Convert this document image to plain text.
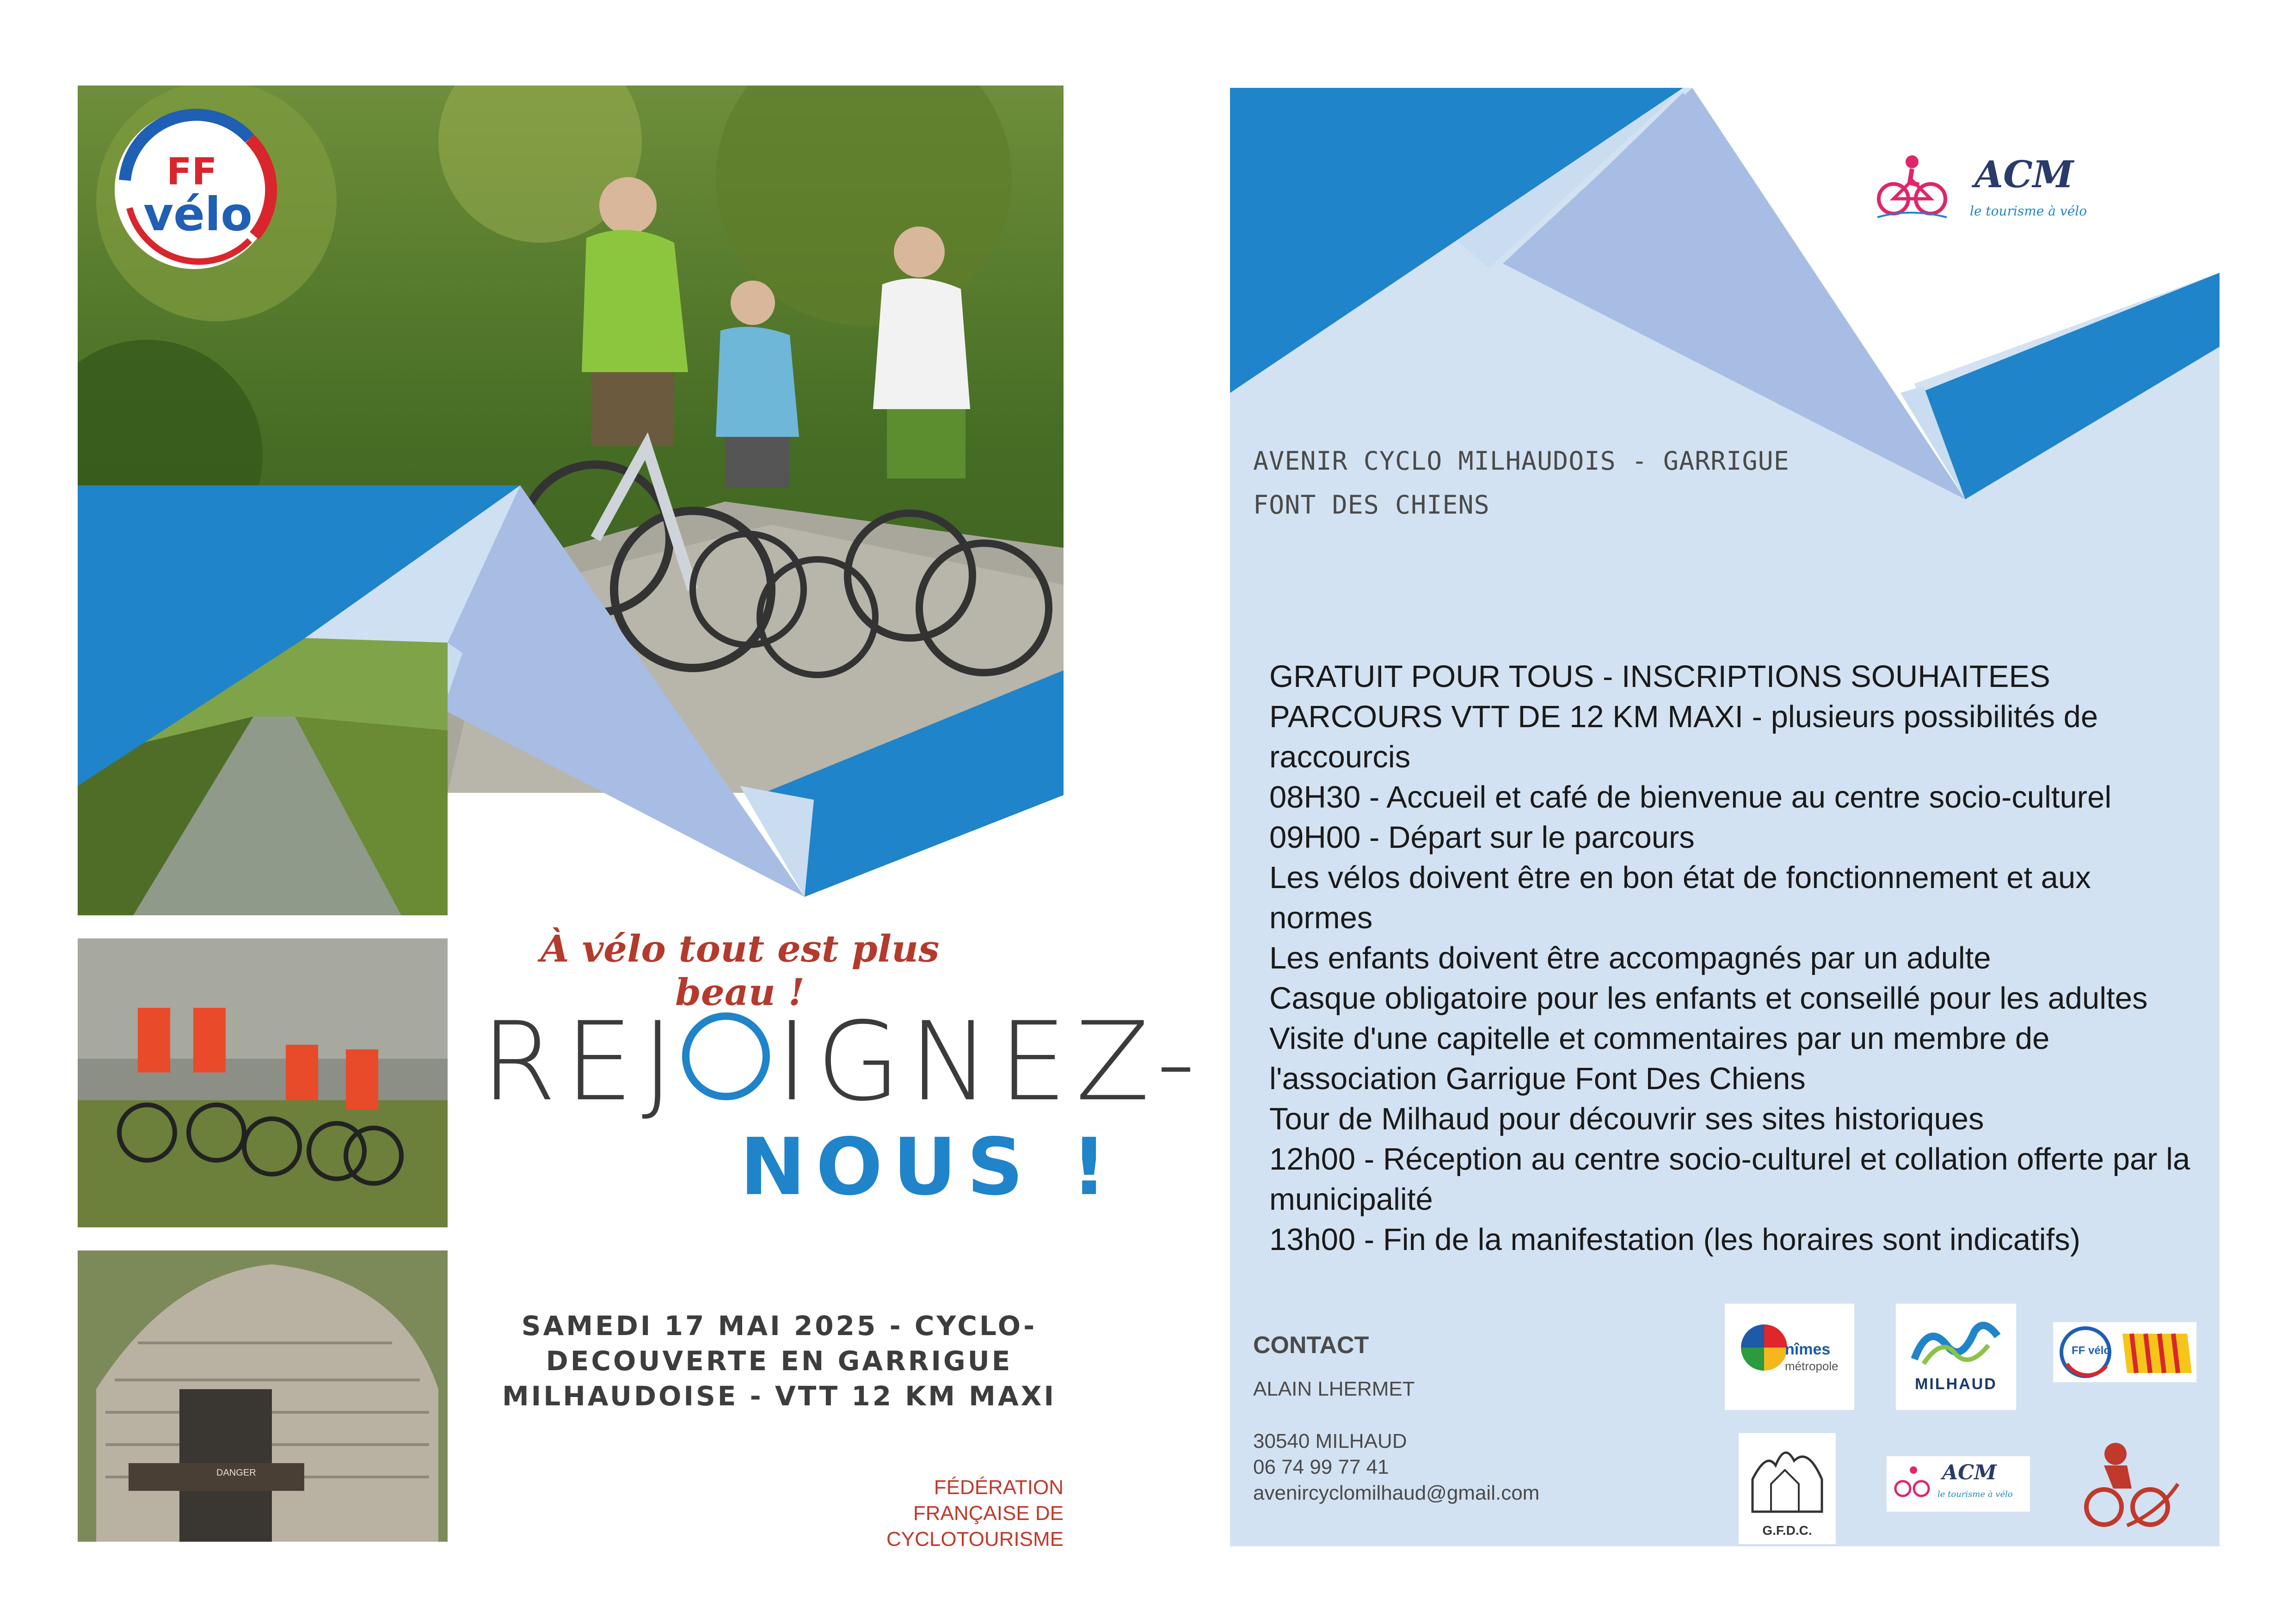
FF
vélo
DANGER
À vélo tout est plus beau !
REJ IGNEZ-
NOUS !
SAMEDI 17 MAI 2025 - CYCLO-
DECOUVERTE EN GARRIGUE
MILHAUDOISE - VTT 12 KM MAXI
FÉDÉRATION
FRANÇAISE DE
CYCLOTOURISME
ACM
le tourisme à vélo
AVENIR CYCLO MILHAUDOIS - GARRIGUE
FONT DES CHIENS
GRATUIT POUR TOUS - INSCRIPTIONS SOUHAITEES
PARCOURS VTT DE 12 KM MAXI - plusieurs possibilités de raccourcis
08H30 - Accueil et café de bienvenue au centre socio-culturel
09H00 - Départ sur le parcours
Les vélos doivent être en bon état de fonctionnement et aux normes
Les enfants doivent être accompagnés par un adulte
Casque obligatoire pour les enfants et conseillé pour les adultes
Visite d'une capitelle et commentaires par un membre de l'association Garrigue Font Des Chiens
Tour de Milhaud pour découvrir ses sites historiques
12h00 - Réception au centre socio-culturel et collation offerte par la municipalité
13h00 - Fin de la manifestation (les horaires sont indicatifs)
CONTACT
ALAIN LHERMET
30540 MILHAUD
06 74 99 77 41
avenircyclomilhaud@gmail.com
nîmes
métropole
MILHAUD
FF vélo
G.F.D.C.
ACM
le tourisme à vélo
